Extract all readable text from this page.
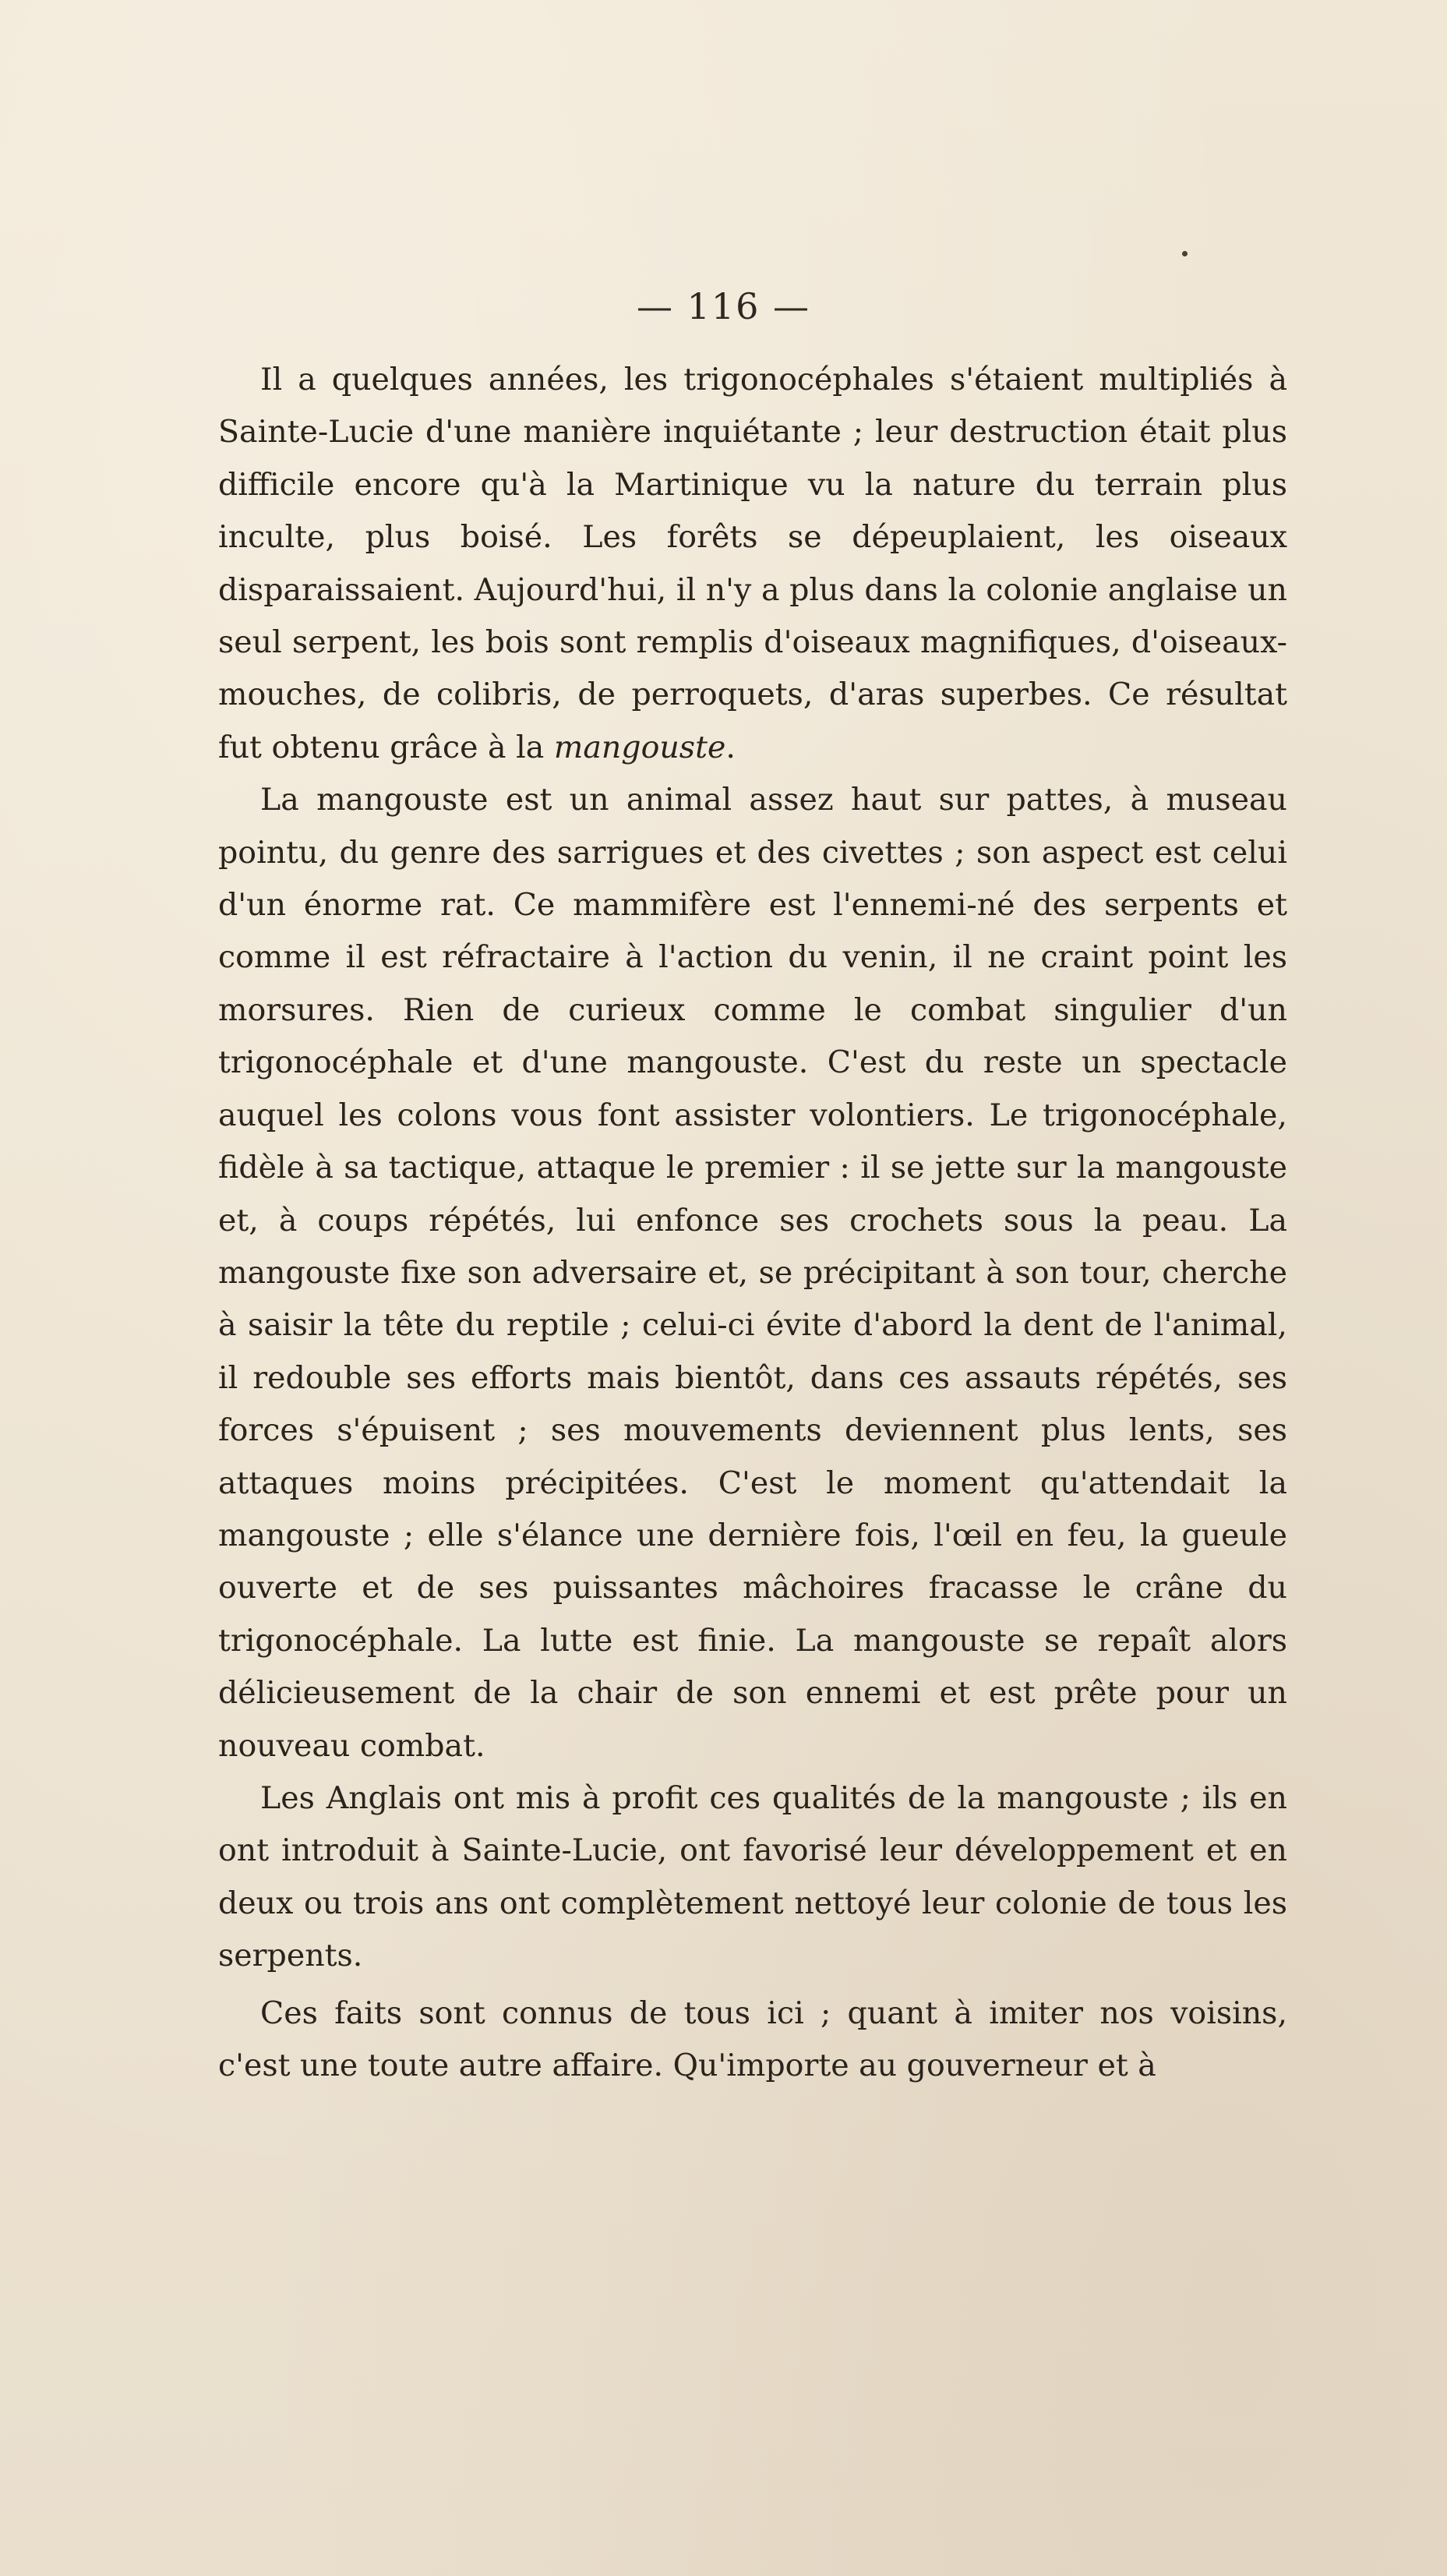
— 116 —

Il a quelques années, les trigonocéphales s'étaient multipliés à Sainte-Lucie d'une manière inquiétante ; leur destruction était plus difficile encore qu'à la Martinique vu la nature du terrain plus inculte, plus boisé. Les forêts se dépeuplaient, les oiseaux disparaissaient. Aujourd'hui, il n'y a plus dans la colonie anglaise un seul serpent, les bois sont remplis d'oiseaux magnifiques, d'oiseaux-mouches, de colibris, de perroquets, d'aras superbes. Ce résultat fut obtenu grâce à la mangouste.

La mangouste est un animal assez haut sur pattes, à museau pointu, du genre des sarrigues et des civettes ; son aspect est celui d'un énorme rat. Ce mammifère est l'ennemi-né des serpents et comme il est réfractaire à l'action du venin, il ne craint point les morsures. Rien de curieux comme le combat singulier d'un trigonocéphale et d'une mangouste. C'est du reste un spectacle auquel les colons vous font assister volontiers. Le trigonocéphale, fidèle à sa tactique, attaque le premier : il se jette sur la mangouste et, à coups répétés, lui enfonce ses crochets sous la peau. La mangouste fixe son adversaire et, se précipitant à son tour, cherche à saisir la tête du reptile ; celui-ci évite d'abord la dent de l'animal, il redouble ses efforts mais bientôt, dans ces assauts répétés, ses forces s'épuisent ; ses mouvements deviennent plus lents, ses attaques moins précipitées. C'est le moment qu'attendait la mangouste ; elle s'élance une dernière fois, l'œil en feu, la gueule ouverte et de ses puissantes mâchoires fracasse le crâne du trigonocéphale. La lutte est finie. La mangouste se repaît alors délicieusement de la chair de son ennemi et est prête pour un nouveau combat.

Les Anglais ont mis à profit ces qualités de la mangouste ; ils en ont introduit à Sainte-Lucie, ont favorisé leur développement et en deux ou trois ans ont complètement nettoyé leur colonie de tous les serpents.

Ces faits sont connus de tous ici ; quant à imiter nos voisins, c'est une toute autre affaire. Qu'importe au gouverneur et à
